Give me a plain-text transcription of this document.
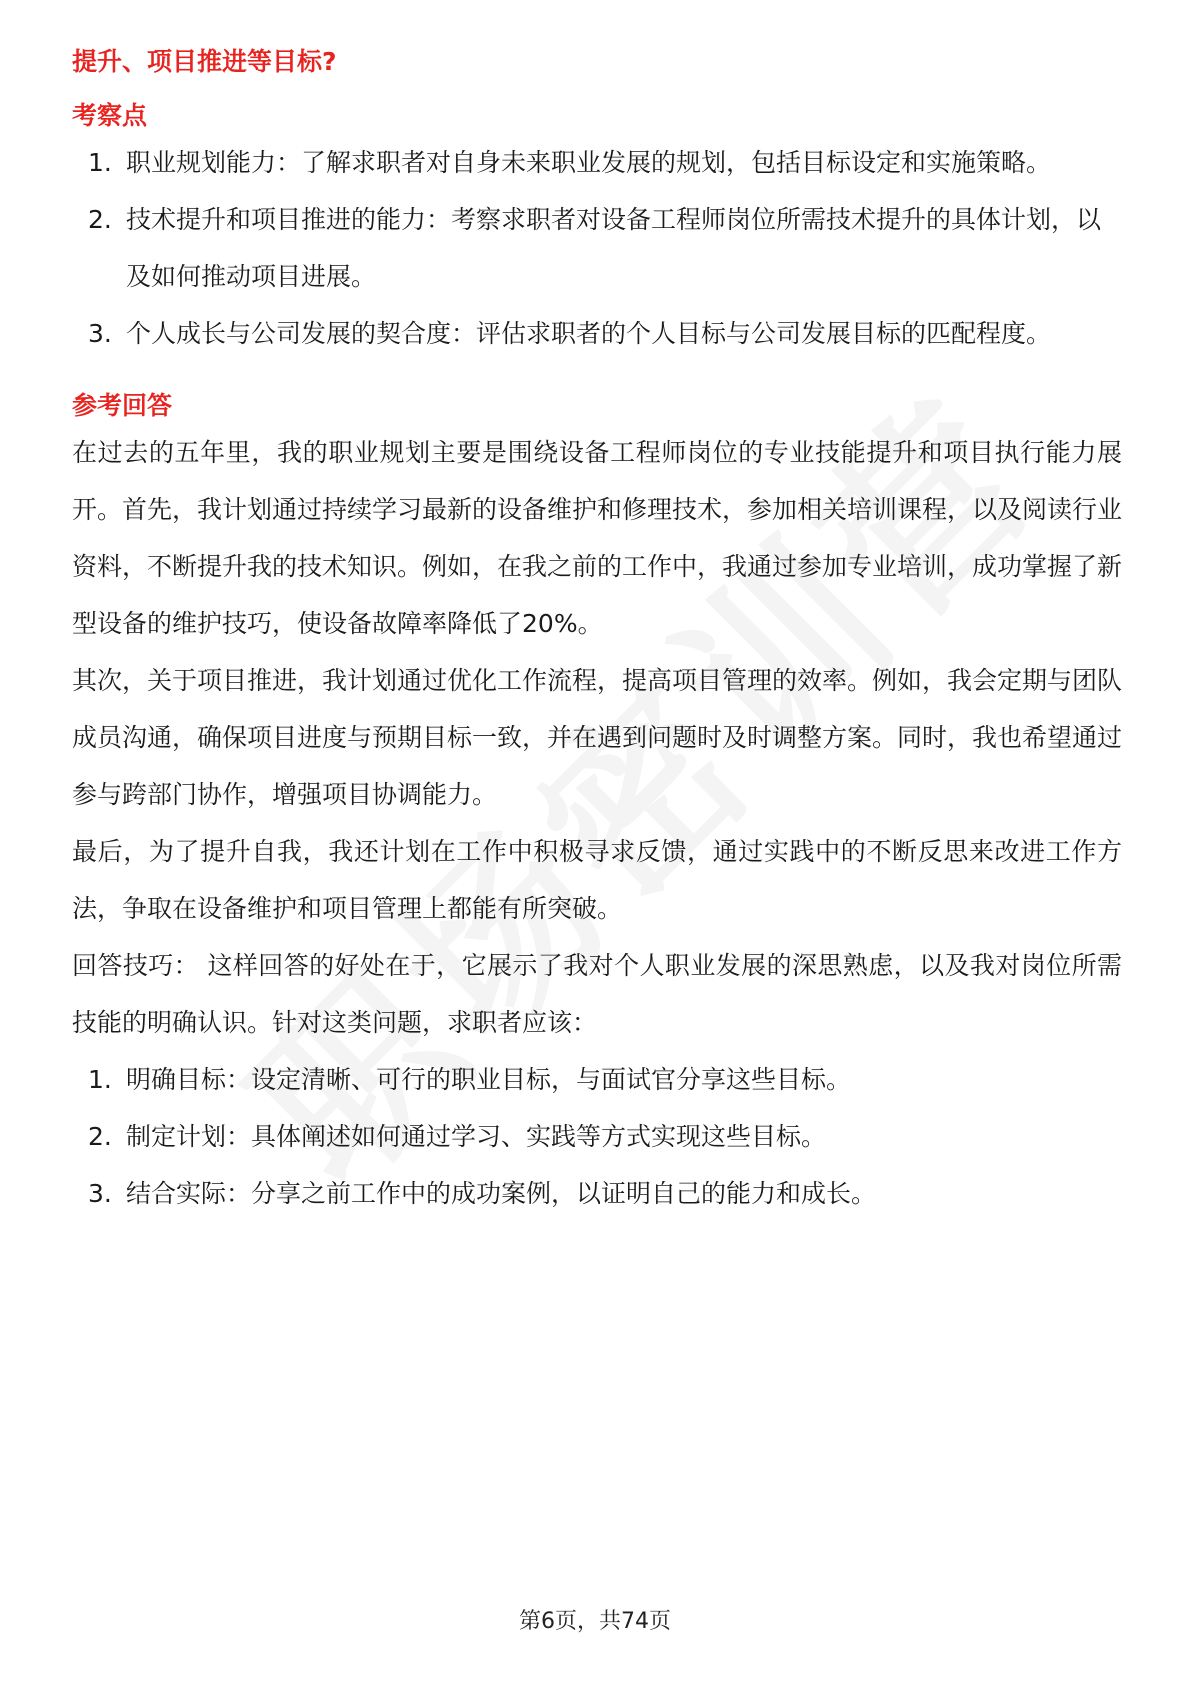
提升、项目推进等目标?
考察点
1. 职业规划能力：了解求职者对自身未来职业发展的规划，包括目标设定和实施策略。
2. 技术提升和项目推进的能力：考察求职者对设备工程师岗位所需技术提升的具体计划，以及如何推动项目进展。
3. 个人成长与公司发展的契合度：评估求职者的个人目标与公司发展目标的匹配程度。
参考回答

在过去的五年里，我的职业规划主要是围绕设备工程师岗位的专业技能提升和项目执行能力展开。首先，我计划通过持续学习最新的设备维护和修理技术，参加相关培训课程，以及阅读行业资料，不断提升我的技术知识。例如，在我之前的工作中，我通过参加专业培训，成功掌握了新型设备的维护技巧，使设备故障率降低了20%。

其次，关于项目推进，我计划通过优化工作流程，提高项目管理的效率。例如，我会定期与团队成员沟通，确保项目进度与预期目标一致，并在遇到问题时及时调整方案。同时，我也希望通过参与跨部门协作，增强项目协调能力。

最后，为了提升自我，我还计划在工作中积极寻求反馈，通过实践中的不断反思来改进工作方法，争取在设备维护和项目管理上都能有所突破。

回答技巧： 这样回答的好处在于，它展示了我对个人职业发展的深思熟虑，以及我对岗位所需技能的明确认识。针对这类问题，求职者应该：

1. 明确目标：设定清晰、可行的职业目标，与面试官分享这些目标。
2. 制定计划：具体阐述如何通过学习、实践等方式实现这些目标。
3. 结合实际：分享之前工作中的成功案例，以证明自己的能力和成长。
第6页，共74页
